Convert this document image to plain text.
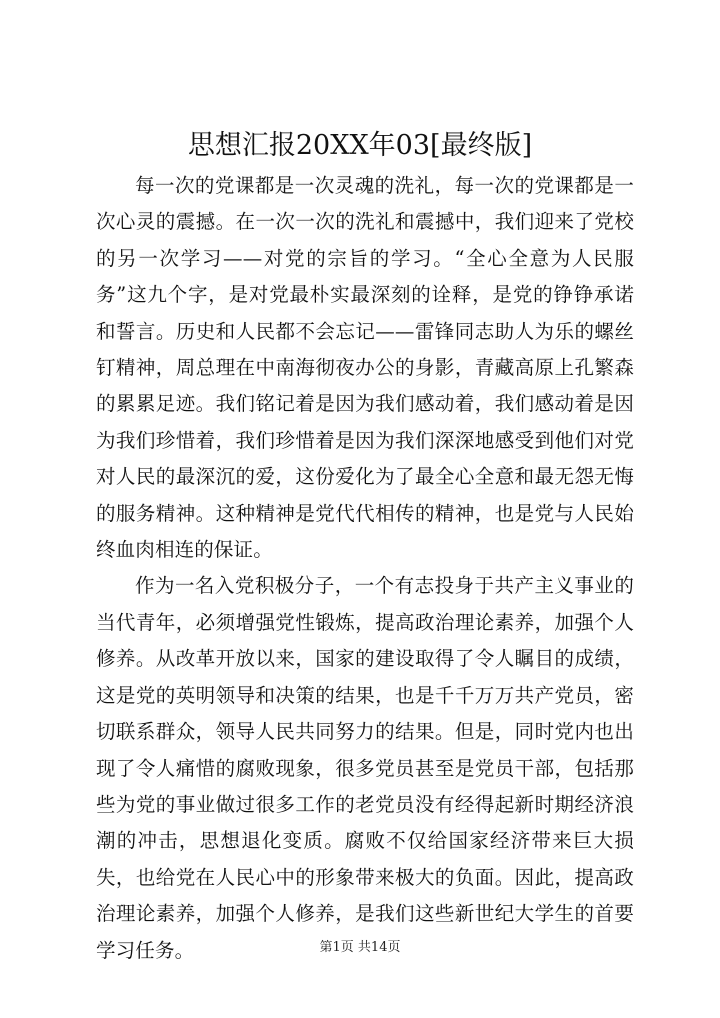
思想汇报20XX年03[最终版]

每一次的党课都是一次灵魂的洗礼，每一次的党课都是一次心灵的震撼。在一次一次的洗礼和震撼中，我们迎来了党校的另一次学习——对党的宗旨的学习。“全心全意为人民服务”这九个字，是对党最朴实最深刻的诠释，是党的铮铮承诺和誓言。历史和人民都不会忘记——雷锋同志助人为乐的螺丝钉精神，周总理在中南海彻夜办公的身影，青藏高原上孔繁森的累累足迹。我们铭记着是因为我们感动着，我们感动着是因为我们珍惜着，我们珍惜着是因为我们深深地感受到他们对党对人民的最深沉的爱，这份爱化为了最全心全意和最无怨无悔的服务精神。这种精神是党代代相传的精神，也是党与人民始终血肉相连的保证。

作为一名入党积极分子，一个有志投身于共产主义事业的当代青年，必须增强党性锻炼，提高政治理论素养，加强个人修养。从改革开放以来，国家的建设取得了令人瞩目的成绩，这是党的英明领导和决策的结果，也是千千万万共产党员，密切联系群众，领导人民共同努力的结果。但是，同时党内也出现了令人痛惜的腐败现象，很多党员甚至是党员干部，包括那些为党的事业做过很多工作的老党员没有经得起新时期经济浪潮的冲击，思想退化变质。腐败不仅给国家经济带来巨大损失，也给党在人民心中的形象带来极大的负面。因此，提高政治理论素养，加强个人修养，是我们这些新世纪大学生的首要学习任务。	第1页 共14页
